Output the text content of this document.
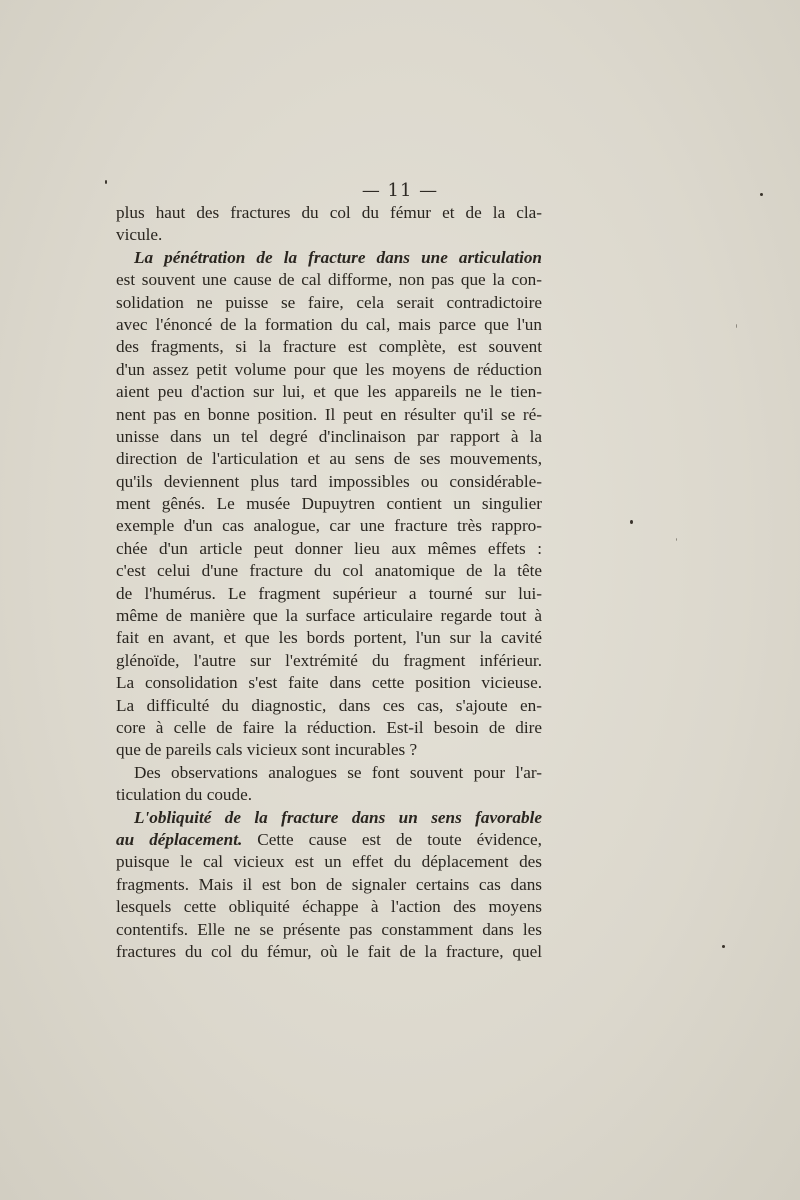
— 11 —
plus haut des fractures du col du fémur et de la cla-
vicule.
La pénétration de la fracture dans une articulation
est souvent une cause de cal difforme, non pas que la con-
solidation ne puisse se faire, cela serait contradictoire
avec l'énoncé de la formation du cal, mais parce que l'un
des fragments, si la fracture est complète, est souvent
d'un assez petit volume pour que les moyens de réduction
aient peu d'action sur lui, et que les appareils ne le tien-
nent pas en bonne position. Il peut en résulter qu'il se ré-
unisse dans un tel degré d'inclinaison par rapport à la
direction de l'articulation et au sens de ses mouvements,
qu'ils deviennent plus tard impossibles ou considérable-
ment gênés. Le musée Dupuytren contient un singulier
exemple d'un cas analogue, car une fracture très rappro-
chée d'un article peut donner lieu aux mêmes effets :
c'est celui d'une fracture du col anatomique de la tête
de l'humérus. Le fragment supérieur a tourné sur lui-
même de manière que la surface articulaire regarde tout à
fait en avant, et que les bords portent, l'un sur la cavité
glénoïde, l'autre sur l'extrémité du fragment inférieur.
La consolidation s'est faite dans cette position vicieuse.
La difficulté du diagnostic, dans ces cas, s'ajoute en-
core à celle de faire la réduction. Est-il besoin de dire
que de pareils cals vicieux sont incurables ?
Des observations analogues se font souvent pour l'ar-
ticulation du coude.
L'obliquité de la fracture dans un sens favorable
au déplacement. Cette cause est de toute évidence,
puisque le cal vicieux est un effet du déplacement des
fragments. Mais il est bon de signaler certains cas dans
lesquels cette obliquité échappe à l'action des moyens
contentifs. Elle ne se présente pas constamment dans les
fractures du col du fémur, où le fait de la fracture, quel
